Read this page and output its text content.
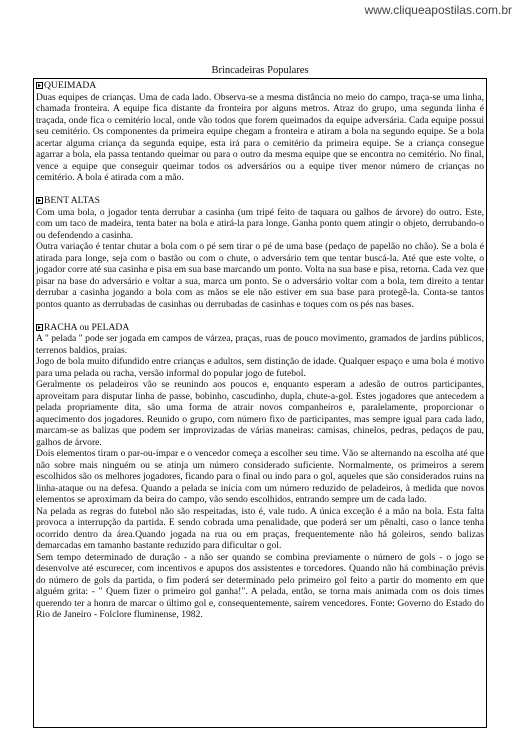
www.cliqueapostilas.com.br
Brincadeiras Populares
QUEIMADA

Duas equipes de crianças. Uma de cada lado. Observa-se a mesma distância no meio do campo, traça-se uma linha, chamada fronteira. A equipe fica distante da fronteira por alguns metros. Atraz do grupo, uma segunda linha é traçada, onde fica o cemitério local, onde vão todos que forem queimados da equipe adversária. Cada equipe possui seu cemitério. Os componentes da primeira equipe chegam a fronteira e atiram a bola na segundo equipe. Se a bola acertar alguma criança da segunda equipe, esta irá para o cemitério da primeira equipe. Se a criança consegue agarrar a bola, ela passa tentando queimar ou para o outro da mesma equipe que se encontra no cemitério. No final, vence a equipe que conseguir queimar todos os adversários ou a equipe tiver menor número de crianças no cemitério. A bola é atirada com a mão.

BENT ALTAS

Com uma bola, o jogador tenta derrubar a casinha (um tripé feito de taquara ou galhos de árvore) do outro. Este, com um taco de madeira, tenta bater na bola e atirá-la para longe. Ganha ponto quem atingir o objeto, derrubando-o ou defendendo a casinha.

Outra variação é tentar chutar a bola com o pé sem tirar o pé de uma base (pedaço de papelão no chão). Se a bola é atirada para longe, seja com o bastão ou com o chute, o adversário tem que tentar buscá-la. Até que este volte, o jogador corre até sua casinha e pisa em sua base marcando um ponto. Volta na sua base e pisa, retorna. Cada vez que pisar na base do adversário e voltar a sua, marca um ponto. Se o adversário voltar com a bola, tem direito a tentar derrubar a casinha jogando a bola com as mãos se ele não estiver em sua base para protegê-la. Conta-se tantos pontos quanto as derrubadas de casinhas ou derrubadas de casinhas e toques com os pés nas bases.

RACHA ou PELADA

A " pelada " pode ser jogada em campos de várzea, praças, ruas de pouco movimento, gramados de jardins públicos, terrenos baldios, praias.

Jogo de bola muito difundido entre crianças e adultos, sem distinção de idade. Qualquer espaço e uma bola é motivo para uma pelada ou racha, versão informal do popular jogo de futebol.

Geralmente os peladeiros vão se reunindo aos poucos e, enquanto esperam a adesão de outros participantes, aproveitam para disputar linha de passe, bobinho, cascudinho, dupla, chute-a-gol. Estes jogadores que antecedem a pelada propriamente dita, são uma forma de atrair novos companheiros e, paralelamente, proporcionar o aquecimento dos jogadores. Reunido o grupo, com número fixo de participantes, mas sempre igual para cada lado, marcam-se as balizas que podem ser improvizadas de várias maneiras: camisas, chinelos, pedras, pedaços de pau, galhos de árvore.

Dois elementos tiram o par-ou-ímpar e o vencedor começa a escolher seu time. Vão se alternando na escolha até que não sobre mais ninguém ou se atinja um número considerado suficiente. Normalmente, os primeiros a serem escolhidos são os melhores jogadores, ficando para o final ou indo para o gol, aqueles que são considerados ruins na linha-ataque ou na defesa. Quando a pelada se inicia com um número reduzido de peladeiros, à medida que novos elementos se aproximam da beira do campo, vão sendo escolhidos, entrando sempre um de cada lado.

Na pelada as regras do futebol não são respeitadas, isto é, vale tudo. A única exceção é a mão na bola. Esta falta provoca a interrupção da partida. E sendo cobrada uma penalidade, que poderá ser um pênalti, caso o lance tenha ocorrido dentro da área.Quando jogada na rua ou em praças, frequentemente não há goleiros, sendo balizas demarcadas em tamanho bastante reduzido para dificultar o gol.

Sem tempo determinado de duração - a não ser quando se combina previamente o número de gols - o jogo se desenvolve até escurecer, com incentivos e apupos dos assistentes e torcedores. Quando não há combinação prévis do número de gols da partida, o fim poderá ser determinado pelo primeiro gol feito a partir do momento em que alguém grita: - " Quem fizer o primeiro gol ganha!". A pelada, então, se torna mais animada com os dois times querendo ter a honra de marcar o último gol e, consequentemente, saírem vencedores. Fonte: Governo do Estado do Rio de Janeiro - Folclore fluminense, 1982.
